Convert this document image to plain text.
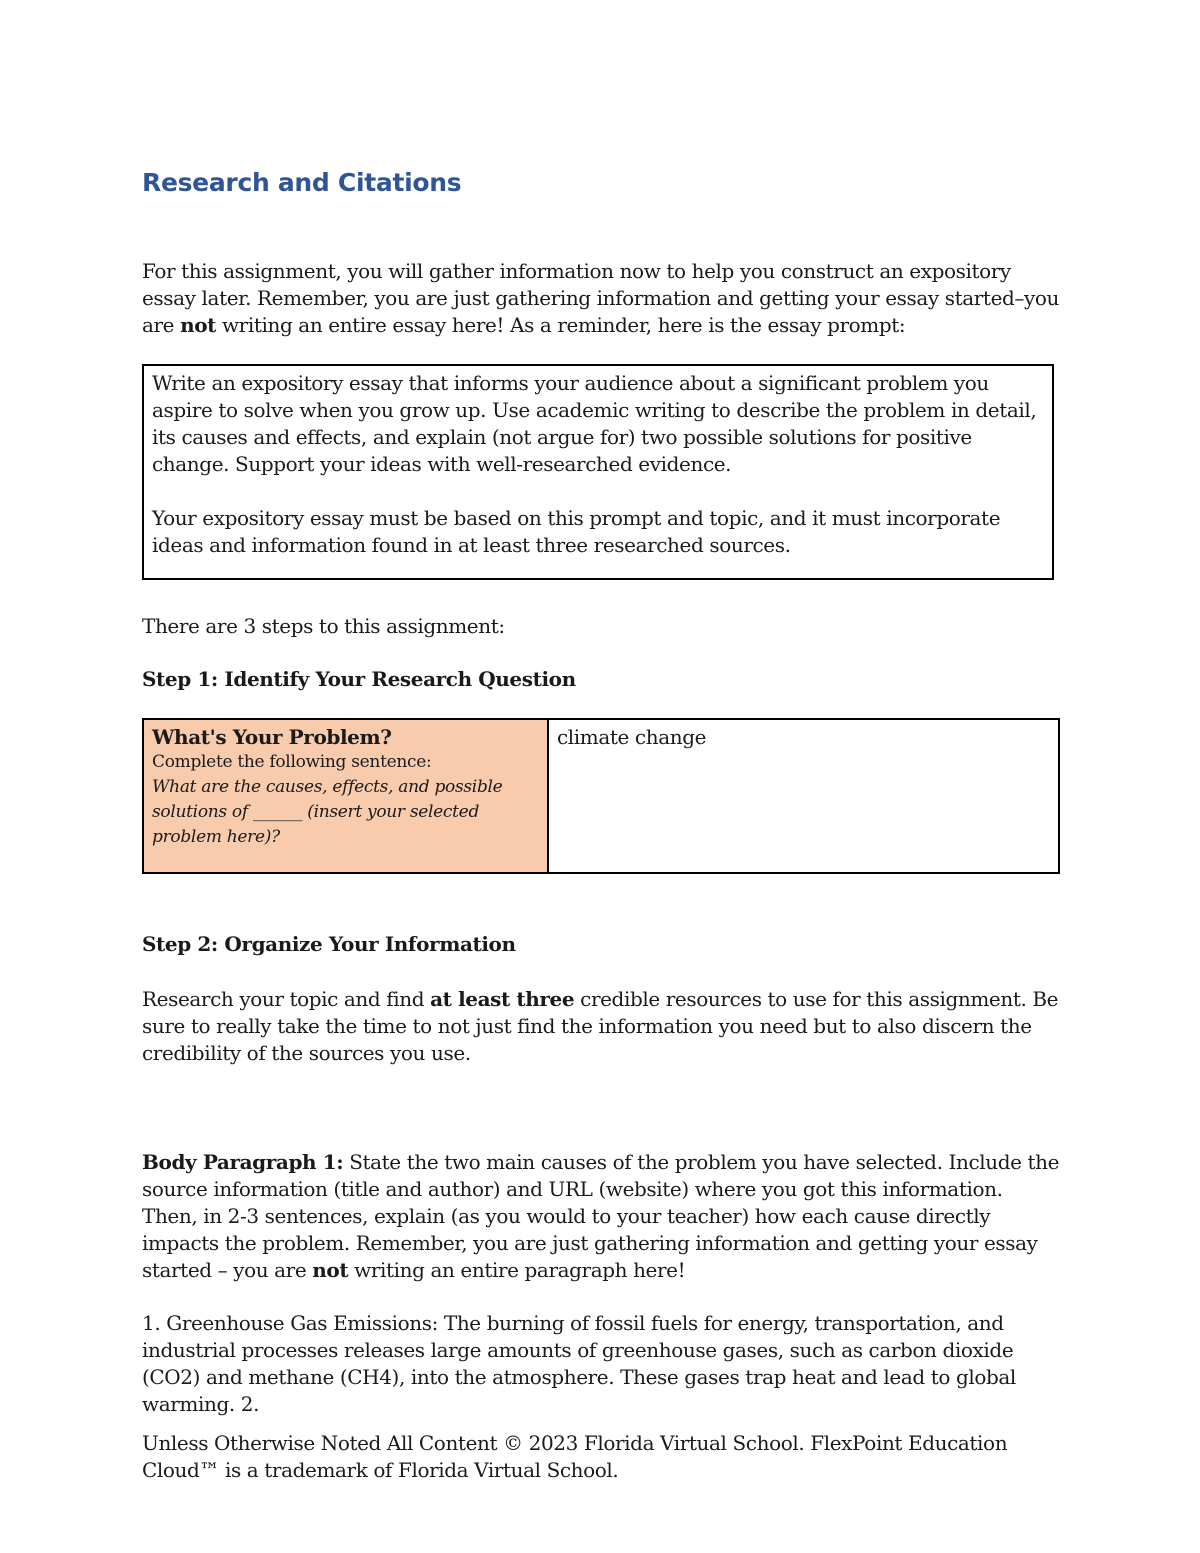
Research and Citations
For this assignment, you will gather information now to help you construct an expository essay later. Remember, you are just gathering information and getting your essay started–you are not writing an entire essay here! As a reminder, here is the essay prompt:

Write an expository essay that informs your audience about a significant problem you aspire to solve when you grow up. Use academic writing to describe the problem in detail, its causes and effects, and explain (not argue for) two possible solutions for positive change. Support your ideas with well-researched evidence.

Your expository essay must be based on this prompt and topic, and it must incorporate ideas and information found in at least three researched sources.

There are 3 steps to this assignment:
Step 1: Identify Your Research Question
What's Your Problem?
Complete the following sentence:
What are the causes, effects, and possible solutions of ______ (insert your selected problem here)?
climate change
Step 2: Organize Your Information
Research your topic and find at least three credible resources to use for this assignment. Be sure to really take the time to not just find the information you need but to also discern the credibility of the sources you use.
Body Paragraph 1: State the two main causes of the problem you have selected. Include the source information (title and author) and URL (website) where you got this information. Then, in 2-3 sentences, explain (as you would to your teacher) how each cause directly impacts the problem. Remember, you are just gathering information and getting your essay started – you are not writing an entire paragraph here!
1. Greenhouse Gas Emissions: The burning of fossil fuels for energy, transportation, and industrial processes releases large amounts of greenhouse gases, such as carbon dioxide (CO2) and methane (CH4), into the atmosphere. These gases trap heat and lead to global warming. 2.
Unless Otherwise Noted All Content © 2023 Florida Virtual School. FlexPoint Education Cloud™ is a trademark of Florida Virtual School.
